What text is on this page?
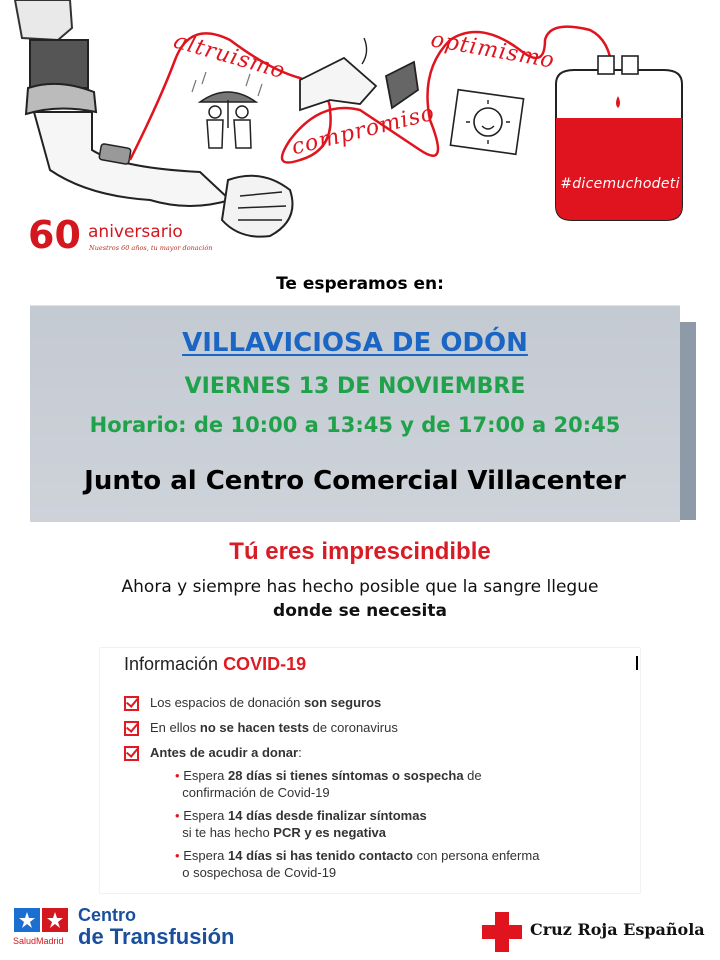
altruismo
compromiso
optimismo
#dicemuchodeti
60 aniversario
Nuestros 60 años, tu mayor donación
Te esperamos en:
VILLAVICIOSA DE ODÓN
VIERNES 13 DE NOVIEMBRE
Horario: de 10:00 a 13:45 y de 17:00 a 20:45
Junto al Centro Comercial Villacenter
Tú eres imprescindible
Ahora y siempre has hecho posible que la sangre llegue
donde se necesita
Información COVID-19
Los espacios de donación son seguros
En ellos no se hacen tests de coronavirus
Antes de acudir a donar:
• Espera 28 días si tienes síntomas o sospecha de
confirmación de Covid-19
• Espera 14 días desde finalizar síntomas
si te has hecho PCR y es negativa
• Espera 14 días si has tenido contacto con persona enferma
o sospechosa de Covid-19
SaludMadrid
Centro
de Transfusión	Cruz Roja Española
